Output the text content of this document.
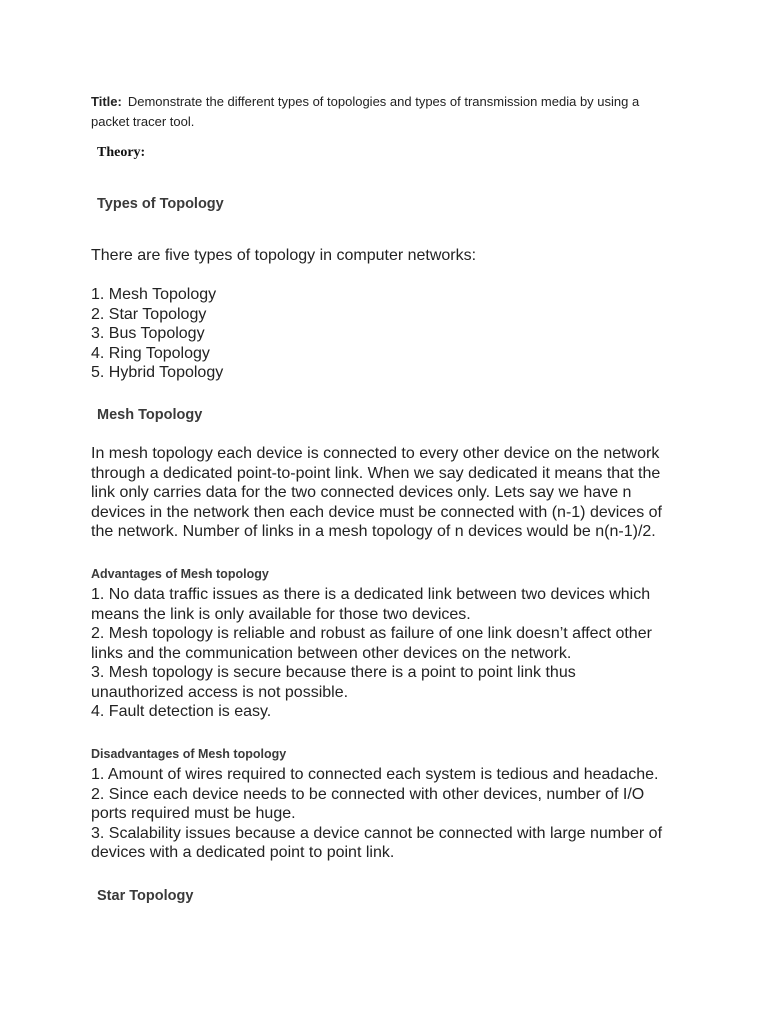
Title: Demonstrate the different types of topologies and types of transmission media by using a
packet tracer tool.
Theory:
Types of Topology
There are five types of topology in computer networks:
1. Mesh Topology
2. Star Topology
3. Bus Topology
4. Ring Topology
5. Hybrid Topology
Mesh Topology
In mesh topology each device is connected to every other device on the network
through a dedicated point-to-point link. When we say dedicated it means that the
link only carries data for the two connected devices only. Lets say we have n
devices in the network then each device must be connected with (n-1) devices of
the network. Number of links in a mesh topology of n devices would be n(n-1)/2.
Advantages of Mesh topology
1. No data traffic issues as there is a dedicated link between two devices which
means the link is only available for those two devices.
2. Mesh topology is reliable and robust as failure of one link doesn’t affect other
links and the communication between other devices on the network.
3. Mesh topology is secure because there is a point to point link thus
unauthorized access is not possible.
4. Fault detection is easy.
Disadvantages of Mesh topology
1. Amount of wires required to connected each system is tedious and headache.
2. Since each device needs to be connected with other devices, number of I/O
ports required must be huge.
3. Scalability issues because a device cannot be connected with large number of
devices with a dedicated point to point link.
Star Topology
